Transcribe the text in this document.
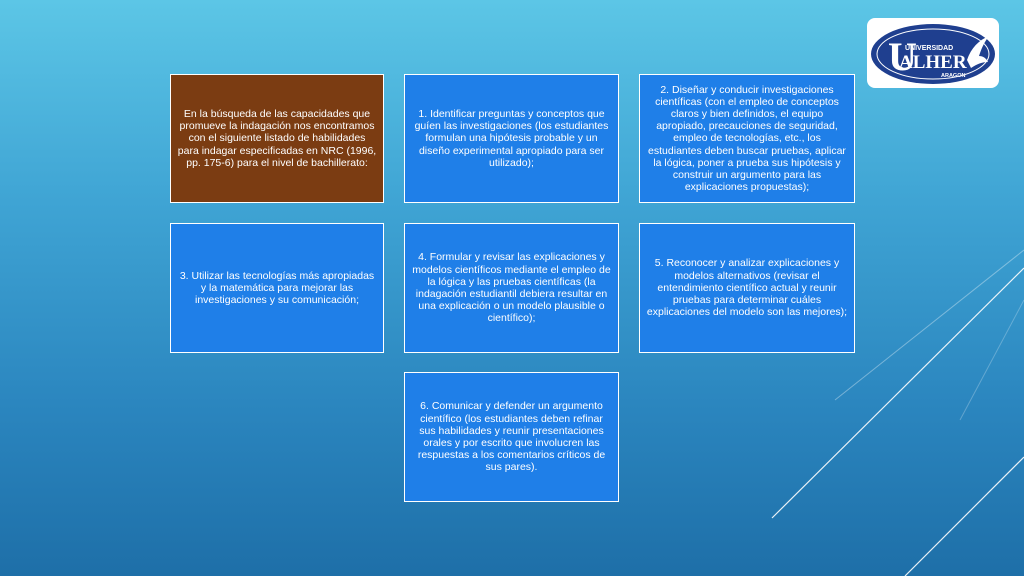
U
UNIVERSIDAD
ALHER
ARAGON
En la búsqueda de las capacidades que promueve la indagación nos encontramos con el siguiente listado de habilidades para indagar especificadas en NRC (1996, pp. 175-6) para el nivel de bachillerato:
1. Identificar preguntas y conceptos que guíen las investigaciones (los estudiantes formulan una hipótesis probable y un diseño experimental apropiado para ser utilizado);
2. Diseñar y conducir investigaciones científicas (con el empleo de conceptos claros y bien definidos, el equipo apropiado, precauciones de seguridad, empleo de tecnologías, etc., los estudiantes deben buscar pruebas, aplicar la lógica, poner a prueba sus hipótesis y construir un argumento para las explicaciones propuestas);
3. Utilizar las tecnologías más apropiadas y la matemática para mejorar las investigaciones y su comunicación;
4. Formular y revisar las explicaciones y modelos científicos mediante el empleo de la lógica y las pruebas científicas (la indagación estudiantil debiera resultar en una explicación o un modelo plausible o científico);
5. Reconocer y analizar explicaciones y modelos alternativos (revisar el entendimiento científico actual y reunir pruebas para determinar cuáles explicaciones del modelo son las mejores);
6. Comunicar y defender un argumento científico (los estudiantes deben refinar sus habilidades y reunir presentaciones orales y por escrito que involucren las respuestas a los comentarios críticos de sus pares).
